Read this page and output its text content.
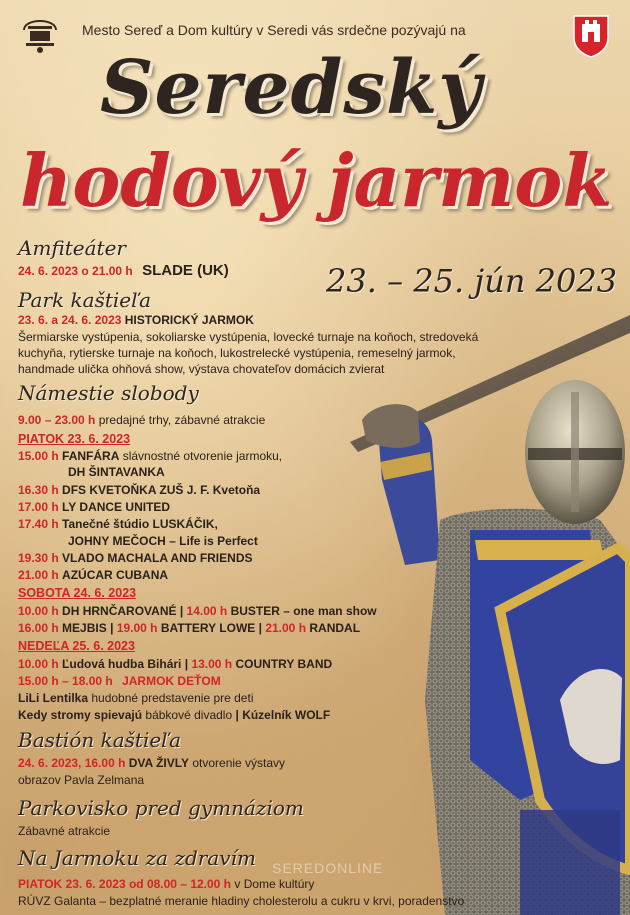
Mesto Sereď a Dom kultúry v Seredi vás srdečne pozývajú na
Seredský
hodový jarmok
23. – 25. jún 2023
Amfiteáter
24. 6. 2023 o 21.00 h SLADE (UK)
Park kaštieľa
23. 6. a 24. 6. 2023 HISTORICKÝ JARMOK
Šermiarske vystúpenia, sokoliarske vystúpenia, lovecké turnaje na koňoch, stredoveká
kuchyňa, rytierske turnaje na koňoch, lukostrelecké vystúpenia, remeselný jarmok,
handmade ulička ohňová show, výstava chovateľov domácich zvierat
Námestie slobody
9.00 – 23.00 h predajné trhy, zábavné atrakcie
PIATOK 23. 6. 2023
15.00 h FANFÁRA slávnostné otvorenie jarmoku,
DH ŠINTAVANKA
16.30 h DFS KVETOŇKA ZUŠ J. F. Kvetoňa
17.00 h LY DANCE UNITED
17.40 h Tanečné štúdio LUSKÁČIK,
JOHNY MEČOCH – Life is Perfect
19.30 h VLADO MACHALA AND FRIENDS
21.00 h AZÚCAR CUBANA
SOBOTA 24. 6. 2023
10.00 h DH HRNČAROVANÉ | 14.00 h BUSTER – one man show
16.00 h MEJBIS | 19.00 h BATTERY LOWE | 21.00 h RANDAL
NEDEĽA 25. 6. 2023
10.00 h Ľudová hudba Bihári | 13.00 h COUNTRY BAND
15.00 h – 18.00 h JARMOK DEŤOM
LiLi Lentilka hudobné predstavenie pre deti
Kedy stromy spievajú bábkové divadlo | Kúzelník WOLF
Bastión kaštieľa
24. 6. 2023, 16.00 h DVA ŽIVLY otvorenie výstavy
obrazov Pavla Zelmana
Parkovisko pred gymnáziom
Zábavné atrakcie
Na Jarmoku za zdravím
PIATOK 23. 6. 2023 od 08.00 – 12.00 h v Dome kultúry
RÚVZ Galanta – bezplatné meranie hladiny cholesterolu a cukru v krvi, poradenstvo
SEREDONLINE
